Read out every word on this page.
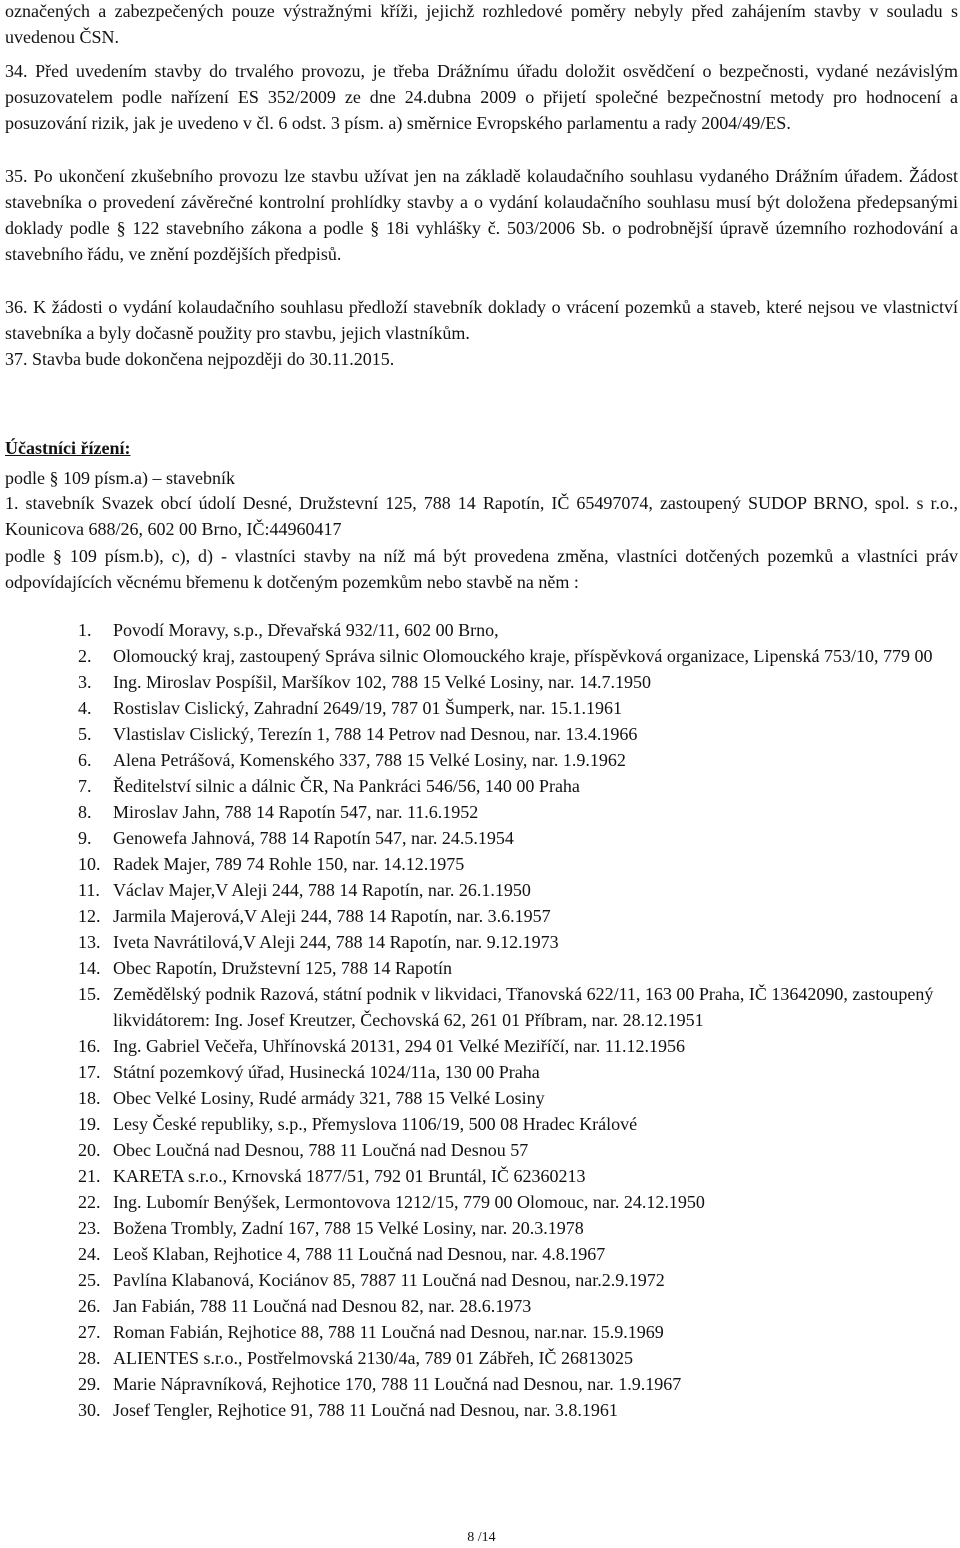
označených a zabezpečených pouze výstražnými kříži, jejichž rozhledové poměry nebyly před zahájením stavby v souladu s uvedenou ČSN.

34. Před uvedením stavby do trvalého provozu, je třeba Drážnímu úřadu doložit osvědčení o bezpečnosti, vydané nezávislým posuzovatelem podle nařízení ES 352/2009 ze dne 24.dubna 2009 o přijetí společné bezpečnostní metody pro hodnocení a posuzování rizik, jak je uvedeno v čl. 6 odst. 3 písm. a) směrnice Evropského parlamentu a rady 2004/49/ES.

35. Po ukončení zkušebního provozu lze stavbu užívat jen na základě kolaudačního souhlasu vydaného Drážním úřadem. Žádost stavebníka o provedení závěrečné kontrolní prohlídky stavby a o vydání kolaudačního souhlasu musí být doložena předepsanými doklady podle § 122 stavebního zákona a podle § 18i vyhlášky č. 503/2006 Sb. o podrobnější úpravě územního rozhodování a stavebního řádu, ve znění pozdějších předpisů.

36. K žádosti o vydání kolaudačního souhlasu předloží stavebník doklady o vrácení pozemků a staveb, které nejsou ve vlastnictví stavebníka a byly dočasně použity pro stavbu, jejich vlastníkům.

37. Stavba bude dokončena nejpozději do 30.11.2015.

Účastníci řízení:
podle § 109 písm.a) – stavebník

1. stavebník Svazek obcí údolí Desné, Družstevní 125, 788 14 Rapotín, IČ 65497074, zastoupený SUDOP BRNO, spol. s r.o., Kounicova 688/26, 602 00 Brno, IČ:44960417

podle § 109 písm.b), c), d) - vlastníci stavby na níž má být provedena změna, vlastníci dotčených pozemků a vlastníci práv odpovídajících věcnému břemenu k dotčeným pozemkům nebo stavbě na něm :

1.	Povodí Moravy, s.p., Dřevařská 932/11, 602 00 Brno,
2.	Olomoucký kraj, zastoupený Správa silnic Olomouckého kraje, příspěvková organizace, Lipenská 753/10, 779 00
3.	Ing. Miroslav Pospíšil, Maršíkov 102, 788 15 Velké Losiny, nar. 14.7.1950
4.	Rostislav Cislický, Zahradní 2649/19, 787 01 Šumperk, nar. 15.1.1961
5.	Vlastislav Cislický, Terezín 1, 788 14 Petrov nad Desnou, nar. 13.4.1966
6.	Alena Petrášová, Komenského 337, 788 15 Velké Losiny, nar. 1.9.1962
7.	Ředitelství silnic a dálnic ČR, Na Pankráci 546/56, 140 00 Praha
8.	Miroslav Jahn, 788 14 Rapotín 547, nar. 11.6.1952
9.	Genowefa Jahnová, 788 14 Rapotín 547, nar. 24.5.1954
10. Radek Majer, 789 74 Rohle 150, nar. 14.12.1975
11. Václav Majer,V Aleji 244, 788 14 Rapotín, nar. 26.1.1950
12. Jarmila Majerová,V Aleji 244, 788 14 Rapotín, nar. 3.6.1957
13. Iveta Navrátilová,V Aleji 244, 788 14 Rapotín, nar. 9.12.1973
14. Obec Rapotín, Družstevní 125, 788 14 Rapotín
15. Zemědělský podnik Razová, státní podnik v likvidaci, Třanovská 622/11, 163 00 Praha, IČ 13642090, zastoupený likvidátorem: Ing. Josef Kreutzer, Čechovská 62, 261 01 Příbram, nar. 28.12.1951
16. Ing. Gabriel Večeřa, Uhřínovská 20131, 294 01 Velké Meziříčí, nar. 11.12.1956
17. Státní pozemkový úřad, Husinecká 1024/11a, 130 00 Praha
18. Obec Velké Losiny, Rudé armády 321, 788 15 Velké Losiny
19. Lesy České republiky, s.p., Přemyslova 1106/19, 500 08 Hradec Králové
20. Obec Loučná nad Desnou, 788 11 Loučná nad Desnou 57
21. KARETA s.r.o., Krnovská 1877/51, 792 01 Bruntál, IČ 62360213
22. Ing. Lubomír Benýšek, Lermontovova 1212/15, 779 00 Olomouc, nar. 24.12.1950
23. Božena Trombly, Zadní 167, 788 15 Velké Losiny, nar. 20.3.1978
24. Leoš Klaban, Rejhotice 4, 788 11 Loučná nad Desnou, nar. 4.8.1967
25. Pavlína Klabanová, Kociánov 85, 7887 11 Loučná nad Desnou, nar.2.9.1972
26. Jan Fabián, 788 11 Loučná nad Desnou 82, nar. 28.6.1973
27. Roman Fabián, Rejhotice 88, 788 11 Loučná nad Desnou, nar.nar. 15.9.1969
28. ALIENTES s.r.o., Postřelmovská 2130/4a, 789 01 Zábřeh, IČ 26813025
29. Marie Nápravníková, Rejhotice 170, 788 11 Loučná nad Desnou, nar. 1.9.1967
30. Josef Tengler, Rejhotice 91, 788 11 Loučná nad Desnou, nar. 3.8.1961
8 /14
